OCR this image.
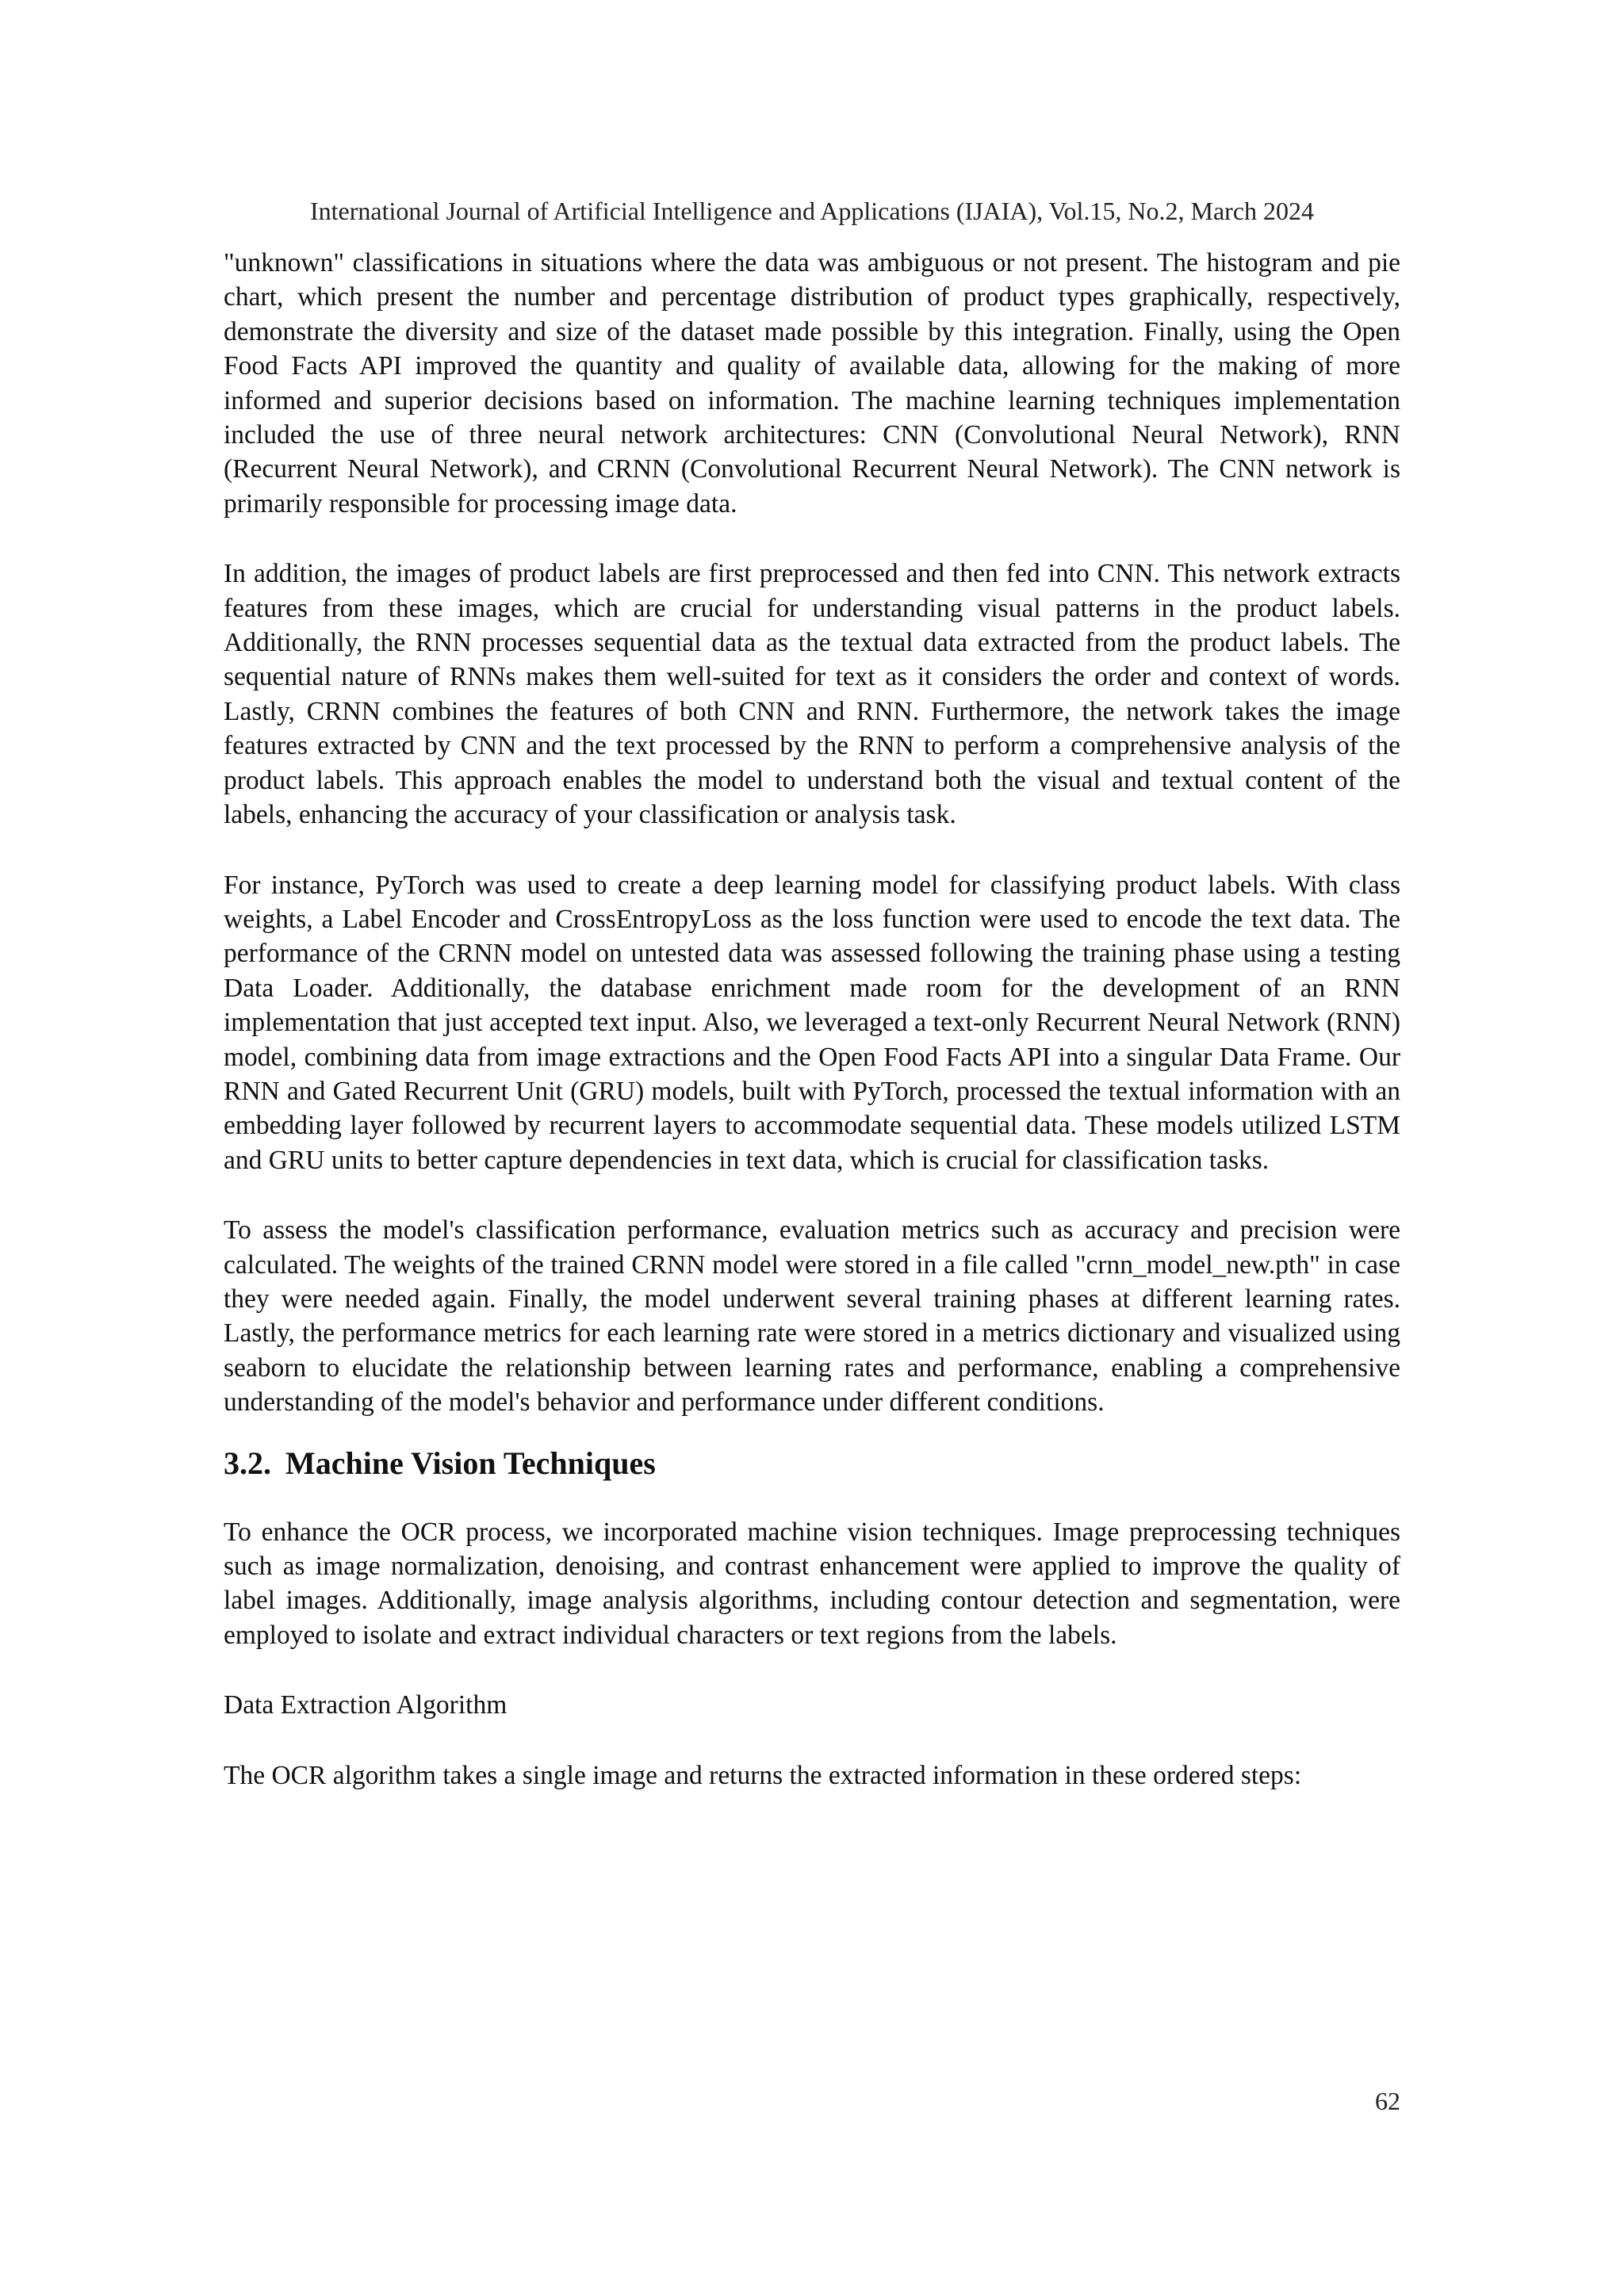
International Journal of Artificial Intelligence and Applications (IJAIA), Vol.15, No.2, March 2024

"unknown" classifications in situations where the data was ambiguous or not present. The histogram and pie chart, which present the number and percentage distribution of product types graphically, respectively, demonstrate the diversity and size of the dataset made possible by this integration. Finally, using the Open Food Facts API improved the quantity and quality of available data, allowing for the making of more informed and superior decisions based on information. The machine learning techniques implementation included the use of three neural network architectures: CNN (Convolutional Neural Network), RNN (Recurrent Neural Network), and CRNN (Convolutional Recurrent Neural Network). The CNN network is primarily responsible for processing image data.

In addition, the images of product labels are first preprocessed and then fed into CNN. This network extracts features from these images, which are crucial for understanding visual patterns in the product labels. Additionally, the RNN processes sequential data as the textual data extracted from the product labels. The sequential nature of RNNs makes them well-suited for text as it considers the order and context of words. Lastly, CRNN combines the features of both CNN and RNN. Furthermore, the network takes the image features extracted by CNN and the text processed by the RNN to perform a comprehensive analysis of the product labels. This approach enables the model to understand both the visual and textual content of the labels, enhancing the accuracy of your classification or analysis task.

For instance, PyTorch was used to create a deep learning model for classifying product labels. With class weights, a Label Encoder and CrossEntropyLoss as the loss function were used to encode the text data. The performance of the CRNN model on untested data was assessed following the training phase using a testing Data Loader. Additionally, the database enrichment made room for the development of an RNN implementation that just accepted text input. Also, we leveraged a text-only Recurrent Neural Network (RNN) model, combining data from image extractions and the Open Food Facts API into a singular Data Frame. Our RNN and Gated Recurrent Unit (GRU) models, built with PyTorch, processed the textual information with an embedding layer followed by recurrent layers to accommodate sequential data. These models utilized LSTM and GRU units to better capture dependencies in text data, which is crucial for classification tasks.

To assess the model's classification performance, evaluation metrics such as accuracy and precision were calculated. The weights of the trained CRNN model were stored in a file called "crnn_model_new.pth" in case they were needed again. Finally, the model underwent several training phases at different learning rates. Lastly, the performance metrics for each learning rate were stored in a metrics dictionary and visualized using seaborn to elucidate the relationship between learning rates and performance, enabling a comprehensive understanding of the model's behavior and performance under different conditions.

3.2. Machine Vision Techniques

To enhance the OCR process, we incorporated machine vision techniques. Image preprocessing techniques such as image normalization, denoising, and contrast enhancement were applied to improve the quality of label images. Additionally, image analysis algorithms, including contour detection and segmentation, were employed to isolate and extract individual characters or text regions from the labels.

Data Extraction Algorithm

The OCR algorithm takes a single image and returns the extracted information in these ordered steps:

62
